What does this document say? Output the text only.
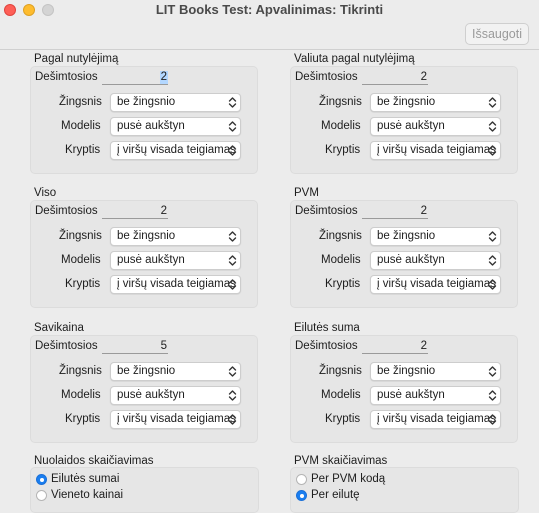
LIT Books Test: Apvalinimas: Tikrinti
Išsaugoti
Pagal nutylėjimą
Dešimtosios	2
Žingsnis	be žingsnio
Modelis	pusė aukštyn
Kryptis	į viršų visada teigiamas
Valiuta pagal nutylėjimą
Dešimtosios	2
Žingsnis	be žingsnio
Modelis	pusė aukštyn
Kryptis	į viršų visada teigiamas
Viso
Dešimtosios	2
Žingsnis	be žingsnio
Modelis	pusė aukštyn
Kryptis	į viršų visada teigiamas
PVM
Dešimtosios	2
Žingsnis	be žingsnio
Modelis	pusė aukštyn
Kryptis	į viršų visada teigiamas
Savikaina
Dešimtosios	5
Žingsnis	be žingsnio
Modelis	pusė aukštyn
Kryptis	į viršų visada teigiamas
Eilutės suma
Dešimtosios	2
Žingsnis	be žingsnio
Modelis	pusė aukštyn
Kryptis	į viršų visada teigiamas
Nuolaidos skaičiavimas
Eilutės sumai
Vieneto kainai
PVM skaičiavimas
Per PVM kodą
Per eilutę
